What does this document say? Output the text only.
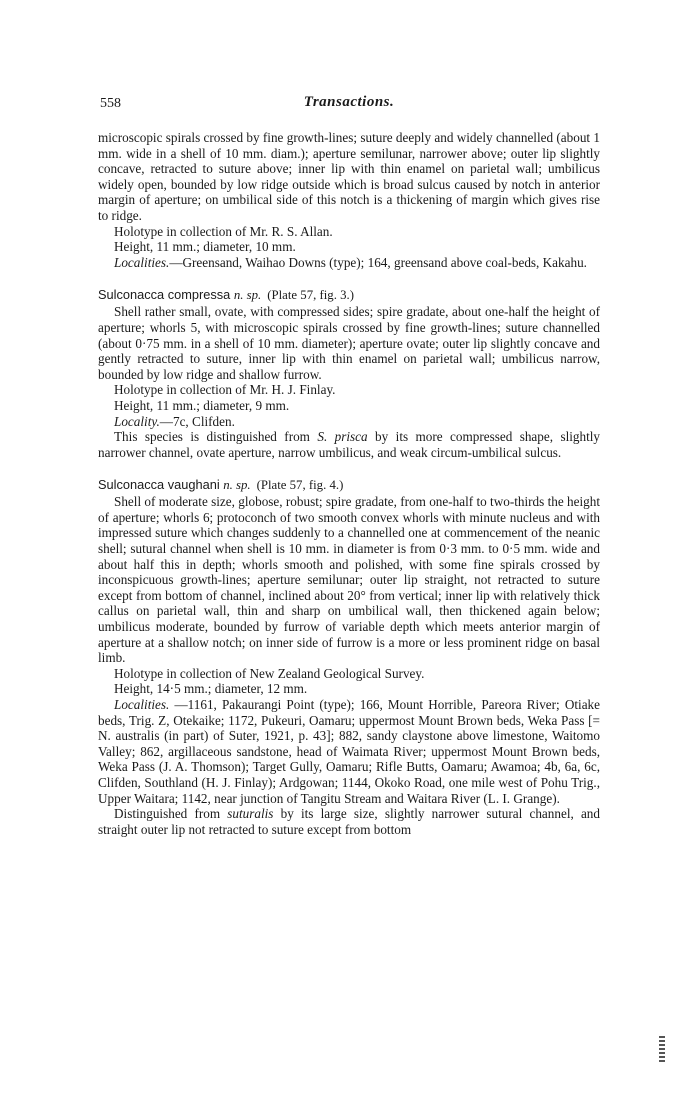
558	Transactions.

microscopic spirals crossed by fine growth-lines; suture deeply and widely channelled (about 1 mm. wide in a shell of 10 mm. diam.); aperture semilunar, narrower above; outer lip slightly concave, retracted to suture above; inner lip with thin enamel on parietal wall; umbilicus widely open, bounded by low ridge outside which is broad sulcus caused by notch in anterior margin of aperture; on umbilical side of this notch is a thickening of margin which gives rise to ridge.

Holotype in collection of Mr. R. S. Allan.

Height, 11 mm.; diameter, 10 mm.

Localities.—Greensand, Waihao Downs (type); 164, greensand above coal-beds, Kakahu.

Sulconacca compressa n. sp. (Plate 57, fig. 3.)

Shell rather small, ovate, with compressed sides; spire gradate, about one-half the height of aperture; whorls 5, with microscopic spirals crossed by fine growth-lines; suture channelled (about 0·75 mm. in a shell of 10 mm. diameter); aperture ovate; outer lip slightly concave and gently retracted to suture, inner lip with thin enamel on parietal wall; umbilicus narrow, bounded by low ridge and shallow furrow.

Holotype in collection of Mr. H. J. Finlay.

Height, 11 mm.; diameter, 9 mm.

Locality.—7c, Clifden.

This species is distinguished from S. prisca by its more compressed shape, slightly narrower channel, ovate aperture, narrow umbilicus, and weak circum-umbilical sulcus.

Sulconacca vaughani n. sp. (Plate 57, fig. 4.)

Shell of moderate size, globose, robust; spire gradate, from one-half to two-thirds the height of aperture; whorls 6; protoconch of two smooth convex whorls with minute nucleus and with impressed suture which changes suddenly to a channelled one at commencement of the neanic shell; sutural channel when shell is 10 mm. in diameter is from 0·3 mm. to 0·5 mm. wide and about half this in depth; whorls smooth and polished, with some fine spirals crossed by inconspicuous growth-lines; aperture semilunar; outer lip straight, not retracted to suture except from bottom of channel, inclined about 20° from vertical; inner lip with relatively thick callus on parietal wall, thin and sharp on umbilical wall, then thickened again below; umbilicus moderate, bounded by furrow of variable depth which meets anterior margin of aperture at a shallow notch; on inner side of furrow is a more or less prominent ridge on basal limb.

Holotype in collection of New Zealand Geological Survey.

Height, 14·5 mm.; diameter, 12 mm.

Localities. —1161, Pakaurangi Point (type); 166, Mount Horrible, Pareora River; Otiake beds, Trig. Z, Otekaike; 1172, Pukeuri, Oamaru; uppermost Mount Brown beds, Weka Pass [= N. australis (in part) of Suter, 1921, p. 43]; 882, sandy claystone above limestone, Waitomo Valley; 862, argillaceous sandstone, head of Waimata River; uppermost Mount Brown beds, Weka Pass (J. A. Thomson); Target Gully, Oamaru; Rifle Butts, Oamaru; Awamoa; 4b, 6a, 6c, Clifden, Southland (H. J. Finlay); Ardgowan; 1144, Okoko Road, one mile west of Pohu Trig., Upper Waitara; 1142, near junction of Tangitu Stream and Waitara River (L. I. Grange).

Distinguished from suturalis by its large size, slightly narrower sutural channel, and straight outer lip not retracted to suture except from bottom
